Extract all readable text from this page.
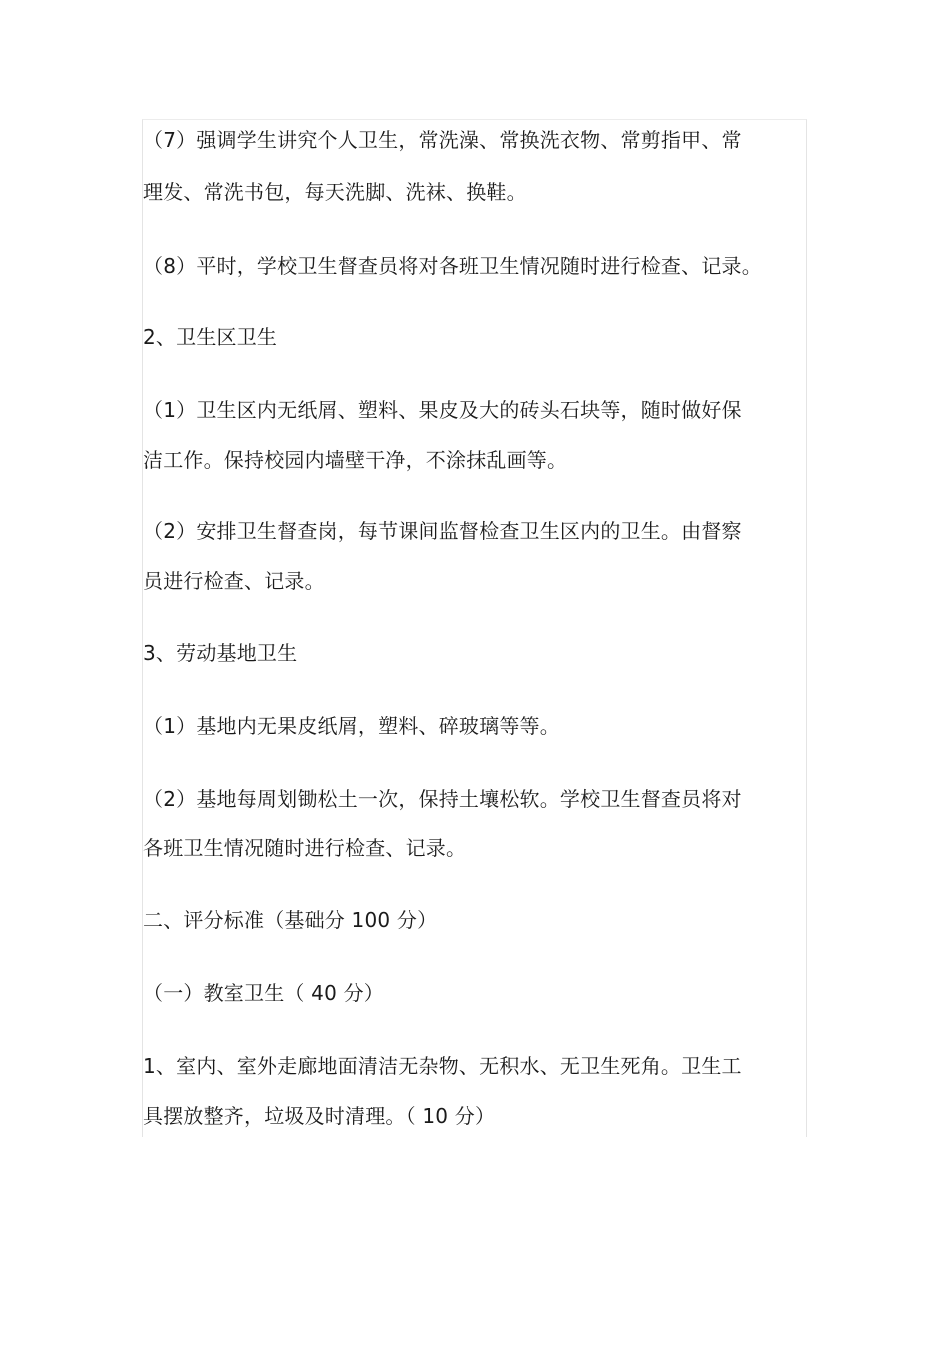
（7）强调学生讲究个人卫生，常洗澡、常换洗衣物、常剪指甲、常
理发、常洗书包，每天洗脚、洗袜、换鞋。
（8）平时，学校卫生督查员将对各班卫生情况随时进行检查、记录。
2、卫生区卫生
（1）卫生区内无纸屑、塑料、果皮及大的砖头石块等，随时做好保
洁工作。保持校园内墙壁干净，不涂抹乱画等。
（2）安排卫生督查岗，每节课间监督检查卫生区内的卫生。由督察
员进行检查、记录。
3、劳动基地卫生
（1）基地内无果皮纸屑，塑料、碎玻璃等等。
（2）基地每周划锄松土一次，保持土壤松软。学校卫生督查员将对
各班卫生情况随时进行检查、记录。
二、评分标准（基础分 100 分）
（一）教室卫生（ 40 分）
1、室内、室外走廊地面清洁无杂物、无积水、无卫生死角。卫生工
具摆放整齐，垃圾及时清理。（ 10 分）
